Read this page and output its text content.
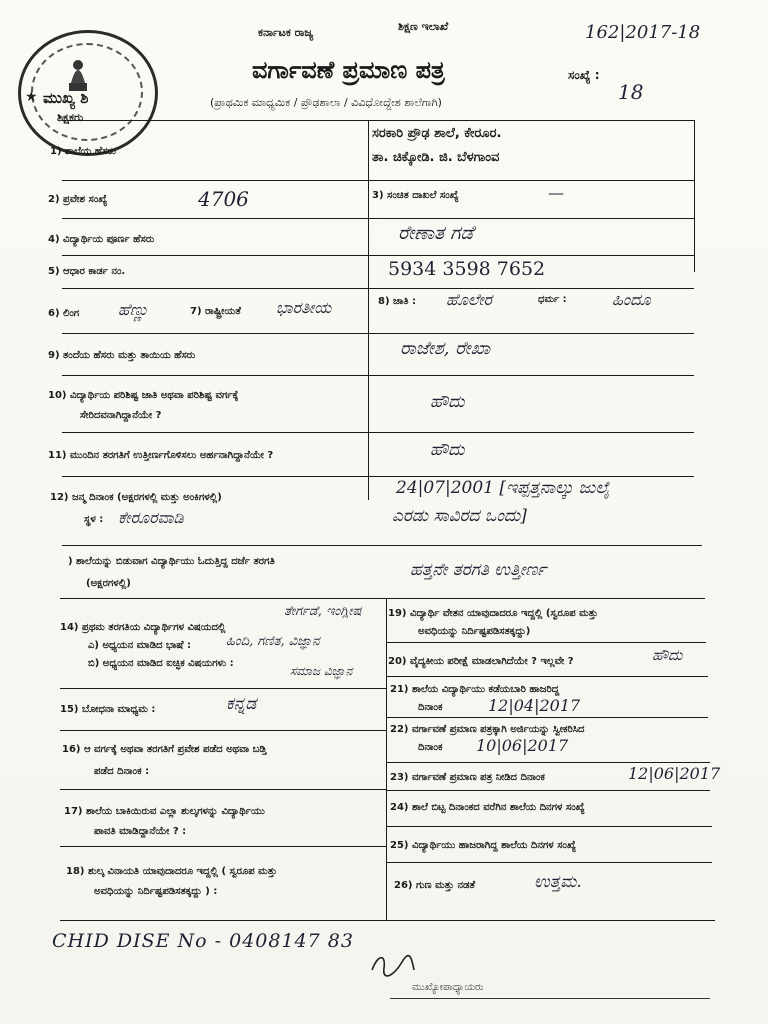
★ ಮುಖ್ಯ ಶಿ
ಶಿಕ್ಷಕರು
ಕರ್ನಾಟಕ ರಾಜ್ಯ	ಶಿಕ್ಷಣ ಇಲಾಖೆ	162|2017-18
ವರ್ಗಾವಣೆ ಪ್ರಮಾಣ ಪತ್ರ	ಸಂಖ್ಯೆ :
18
(ಪ್ರಾಥಮಿಕ ಮಾಧ್ಯಮಿಕ / ಪ್ರೌಢಶಾಲಾ / ವಿವಿಧೋದ್ದೇಶ ಶಾಲೆಗಾಗಿ)
1) ಶಾಲೆಯ ಹೆಸರು
ಸರಕಾರಿ ಪ್ರೌಢ ಶಾಲೆ, ಕೇರೂರ.
ತಾ. ಚಿಕ್ಕೋಡಿ. ಜಿ. ಬೆಳಗಾಂವ
2) ಪ್ರವೇಶ ಸಂಖ್ಯೆ	4706	3) ಸಂಚಿತ ದಾಖಲೆ ಸಂಖ್ಯೆ	—
4) ವಿದ್ಯಾರ್ಥಿಯ ಪೂರ್ಣ ಹೆಸರು	ರೇಣಾತ ಗಡೆ
5) ಆಧಾರ ಕಾರ್ಡ ನಂ.	5934 3598 7652
6) ಲಿಂಗ ಹೆಣ್ಣು	7) ರಾಷ್ಟ್ರೀಯತೆ ಭಾರತೀಯ	8) ಜಾತಿ : ಹೊಲೇರ	ಧರ್ಮ :	ಹಿಂದೂ
9) ತಂದೆಯ ಹೆಸರು ಮತ್ತು ತಾಯಿಯ ಹೆಸರು	ರಾಜೇಶ, ರೇಖಾ
10) ವಿದ್ಯಾರ್ಥಿಯ ಪರಿಶಿಷ್ಟ ಜಾತಿ ಅಥವಾ ಪರಿಶಿಷ್ಟ ವರ್ಗಕ್ಕೆ
ಸೇರಿದವನಾಗಿದ್ದಾನೆಯೇ ?
ಹೌದು
11) ಮುಂದಿನ ತರಗತಿಗೆ ಉತ್ತೀರ್ಣಗೊಳಿಸಲು ಅರ್ಹನಾಗಿದ್ದಾನೆಯೇ ?	ಹೌದು
12) ಜನ್ಮ ದಿನಾಂಕ (ಅಕ್ಷರಗಳಲ್ಲಿ ಮತ್ತು ಅಂಕಿಗಳಲ್ಲಿ)
ಸ್ಥಳ : ಕೇರೂರವಾಡಿ
24|07|2001 [ಇಪ್ಪತ್ತನಾಲ್ಕು ಜುಲೈ
ಎರಡು ಸಾವಿರದ ಒಂದು]
) ಶಾಲೆಯನ್ನು ಬಿಡುವಾಗ ವಿದ್ಯಾರ್ಥಿಯು ಓದುತ್ತಿದ್ದ ದರ್ಜೆ ತರಗತಿ
(ಅಕ್ಷರಗಳಲ್ಲಿ)
ಹತ್ತನೇ ತರಗತಿ ಉತ್ತೀರ್ಣ
14) ಪ್ರಥಮ ತರಗತಿಯ ವಿದ್ಯಾರ್ಥಿಗಳ ವಿಷಯದಲ್ಲಿ
ತೇರ್ಗಡೆ, ಇಂಗ್ಲೀಷ
ಎ) ಅಧ್ಯಯನ ಮಾಡಿದ ಭಾಷೆ :	ಹಿಂದಿ, ಗಣಿತ, ವಿಜ್ಞಾನ
ಬಿ) ಅಧ್ಯಯನ ಮಾಡಿದ ಐಚ್ಛಿಕ ವಿಷಯಗಳು :
ಸಮಾಜ ವಿಜ್ಞಾನ
15) ಬೋಧನಾ ಮಾಧ್ಯಮ :	ಕನ್ನಡ
16) ಆ ವರ್ಗಕ್ಕೆ ಅಥವಾ ತರಗತಿಗೆ ಪ್ರವೇಶ ಪಡೆದ ಅಥವಾ ಬಡ್ತಿ
ಪಡೆದ ದಿನಾಂಕ :
17) ಶಾಲೆಯ ಬಾಕಿಯಿರುವ ಎಲ್ಲಾ ಶುಲ್ಕಗಳನ್ನು ವಿದ್ಯಾರ್ಥಿಯು
ಪಾವತಿ ಮಾಡಿದ್ದಾನೆಯೇ ? :
18) ಶುಲ್ಕ ವಿನಾಯತಿ ಯಾವುದಾದರೂ ಇದ್ದಲ್ಲಿ ( ಸ್ವರೂಪ ಮತ್ತು
ಅವಧಿಯನ್ನು ನಿರ್ದಿಷ್ಟಪಡಿಸತಕ್ಕದ್ದು ) :
19) ವಿದ್ಯಾರ್ಥಿ ವೇತನ ಯಾವುದಾದರೂ ಇದ್ದಲ್ಲಿ (ಸ್ವರೂಪ ಮತ್ತು
ಅವಧಿಯನ್ನು ನಿರ್ದಿಷ್ಟಪಡಿಸತಕ್ಕದ್ದು)
20) ವೈದ್ಯಕೀಯ ಪರೀಕ್ಷೆ ಮಾಡಲಾಗಿದೆಯೇ ? ಇಲ್ಲವೇ ?	ಹೌದು
21) ಶಾಲೆಯ ವಿದ್ಯಾರ್ಥಿಯು ಕಡೆಯಬಾರಿ ಹಾಜರಿದ್ದ
ದಿನಾಂಕ	12|04|2017
22) ವರ್ಗಾವಣೆ ಪ್ರಮಾಣ ಪತ್ರಕ್ಕಾಗಿ ಅರ್ಜಿಯನ್ನು ಸ್ವೀಕರಿಸಿದ
ದಿನಾಂಕ 10|06|2017
23) ವರ್ಗಾವಣೆ ಪ್ರಮಾಣ ಪತ್ರ ನೀಡಿದ ದಿನಾಂಕ	12|06|2017
24) ಶಾಲೆ ಬಿಟ್ಟ ದಿನಾಂಕದ ವರೆಗಿನ ಶಾಲೆಯ ದಿನಗಳ ಸಂಖ್ಯೆ
25) ವಿದ್ಯಾರ್ಥಿಯು ಹಾಜರಾಗಿದ್ದ ಶಾಲೆಯ ದಿನಗಳ ಸಂಖ್ಯೆ
26) ಗುಣ ಮತ್ತು ನಡತೆ	ಉತ್ತಮ.
CHID DISE No - 0408147 83
ಮುಖ್ಯೋಪಾಧ್ಯಾಯರು
